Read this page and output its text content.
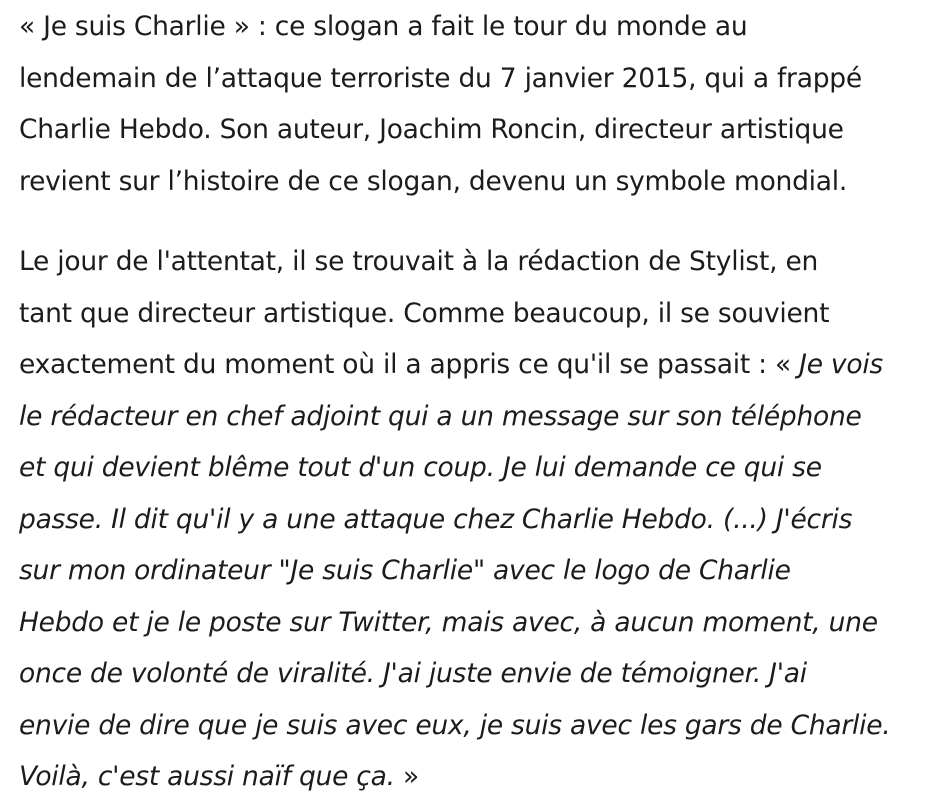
« Je suis Charlie » : ce slogan a fait le tour du monde au
lendemain de l’attaque terroriste du 7 janvier 2015, qui a frappé
Charlie Hebdo. Son auteur, Joachim Roncin, directeur artistique
revient sur l’histoire de ce slogan, devenu un symbole mondial.

Le jour de l'attentat, il se trouvait à la rédaction de Stylist, en
tant que directeur artistique. Comme beaucoup, il se souvient
exactement du moment où il a appris ce qu'il se passait : « Je vois
le rédacteur en chef adjoint qui a un message sur son téléphone
et qui devient blême tout d'un coup. Je lui demande ce qui se
passe. Il dit qu'il y a une attaque chez Charlie Hebdo. (...) J'écris
sur mon ordinateur "Je suis Charlie" avec le logo de Charlie
Hebdo et je le poste sur Twitter, mais avec, à aucun moment, une
once de volonté de viralité. J'ai juste envie de témoigner. J'ai
envie de dire que je suis avec eux, je suis avec les gars de Charlie.
Voilà, c'est aussi naïf que ça. »
